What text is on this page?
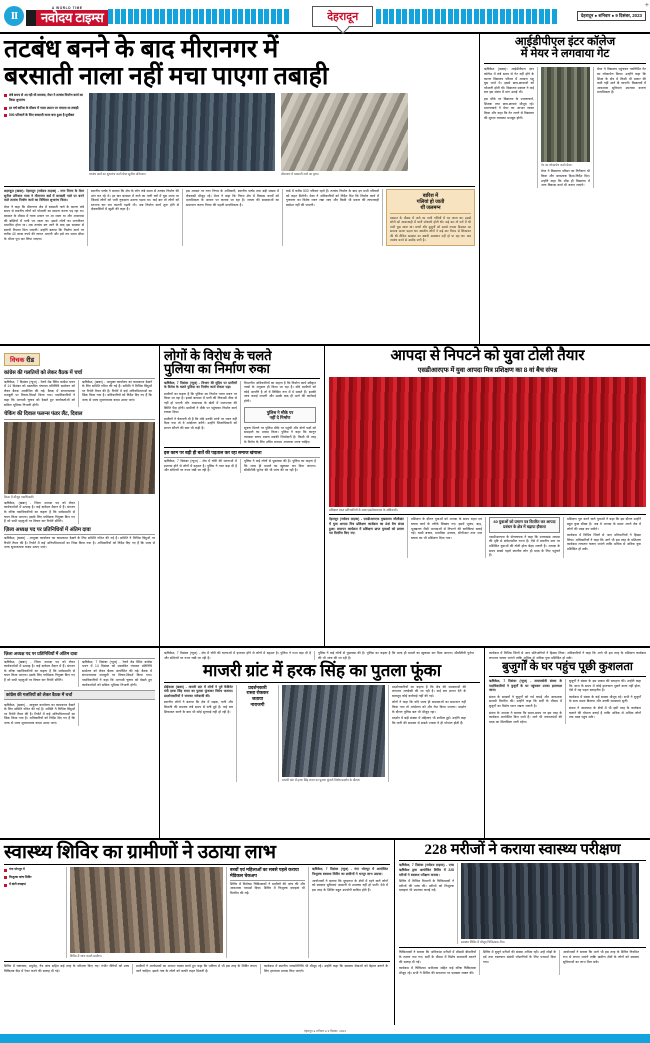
II
A WORLD TIME
नवोदय टाइम्स	देहरादून	देहरादून ● शनिवार ● 9 दिसंबर, 2023
+
तटबंध बनने के बाद मीरानगर में
बरसाती नाला नहीं मचा पाएगा तबाही
लंबे समय से आ रही थी समस्या, मेयर ने तटबंध निर्माण कार्य का किया शुभारंभ
हर वर्ष बारिश के मौसम में नाला उफान पर मचाता था तबाही
500 परिवारों के लिए बरसाती नाला बना हुआ है मुसीबत
तटबंध कार्य का शुभारंभ करते मेयर सुनील उनियाल।	मीरानगर में बरसाती नाले का दृश्य।
शहरकू्त (खबर): देहरादून (नवोदय टाइम्स) - नगर निगम के मेयर सुनील उनियाल गामा ने मीरानगर वार्ड में बरसाती नाले पर बनने वाले तटबंध निर्माण कार्य का विधिवत शुभारंभ किया।
मेयर ने कहा कि मीरानगर क्षेत्र में बरसाती नाले के कारण लंबे समय से स्थानीय लोगों को परेशानी का सामना करना पड़ रहा था। बरसात के मौसम में नाला उफान पर आ जाता था और आसपास की बस्तियों में पानी भर जाता था। इससे लोगों का जनजीवन प्रभावित होता था। अब तटबंध बन जाने के बाद इस समस्या से स्थायी निजात मिल जाएगी। उन्होंने बताया कि निर्माण कार्य पर करीब 40 लाख रुपये की लागत आएगी और इसे तय समय सीमा के भीतर पूरा कर लिया जाएगा।
स्थानीय पार्षद ने बताया कि क्षेत्र के लोग लंबे समय से तटबंध निर्माण की मांग कर रहे थे। हर बार बरसात में नाले का पानी घरों में घुस जाता था जिससे लोगों को भारी नुकसान उठाना पड़ता था। कई बार तो लोगों को रतजगा कर रात काटनी पड़ती थी। अब निर्माण कार्य शुरू होने से क्षेत्रवासियों में खुशी की लहर है।
इस अवसर पर नगर निगम के अधिकारी, स्थानीय पार्षद तथा बड़ी संख्या में क्षेत्रवासी मौजूद रहे। मेयर ने कहा कि निगम क्षेत्र में विकास कार्यों को प्राथमिकता के आधार पर कराया जा रहा है। जनता की समस्याओं का समाधान करना निगम की पहली प्राथमिकता है।
वार्ड में करीब 500 परिवार रहते हैं। तटबंध निर्माण के बाद इन सभी परिवारों को राहत मिलेगी। मेयर ने अधिकारियों को निर्देश दिए कि निर्माण कार्य में गुणवत्ता का विशेष ध्यान रखा जाए और किसी भी प्रकार की लापरवाही बर्दाश्त नहीं की जाएगी।
बारिश में
गलियां हो जाती
थीं जलमग्न
बरसात के मौसम में नाले का पानी गलियों में भर जाता था। इससे लोगों को आवाजाही में भारी परेशानी होती थी। कई बार तो घरों में भी पानी घुस जाता था। बच्चों और बुजुर्गों को सबसे ज्यादा दिक्कत का सामना करना पड़ता था। स्थानीय लोगों ने कई बार निगम से शिकायत की थी लेकिन समस्या का स्थायी समाधान नहीं हो पा रहा था। अब तटबंध बनने से उम्मीद जगी है।
आईडीपीएल इंटर कॉलेज
में मेयर ने लगवाया गेट
ऋषिकेश (खबर)। आईडीपीएल इंटर कॉलेज में लंबे समय से गेट नहीं होने के कारण विद्यालय परिसर में आवारा पशु घुस जाते थे। इससे छात्र-छात्राओं को परेशानी होती थी। विद्यालय प्रबंधन ने कई बार इस संबंध में मांग उठाई थी।
इस मौके पर विद्यालय के प्रधानाचार्य, शिक्षक तथा छात्र-छात्राएं मौजूद रहे। प्रधानाचार्य ने मेयर का आभार व्यक्त किया और कहा कि गेट लगने से विद्यालय की सुरक्षा व्यवस्था मजबूत होगी।
गेट का लोकार्पण करते मेयर।
मेयर ने विद्यालय परिसर का निरीक्षण भी किया और आवश्यक दिशा-निर्देश दिए। उन्होंने कहा कि शीघ्र ही विद्यालय में अन्य विकास कार्य भी कराए जाएंगे।
मेयर ने विद्यालय पहुंचकर नवनिर्मित गेट का लोकार्पण किया। उन्होंने कहा कि शिक्षा के क्षेत्र में किसी भी प्रकार की कमी नहीं आने दी जाएगी। विद्यालयों में आवश्यक सुविधाएं उपलब्ध कराना प्राथमिकता है।
विचक रीड
कांग्रेस की गलतियों को लेकर वैठक में चर्चा
ऋषिकेश, 7 दिसंबर (न्यूज) - रेलवे रोड स्थित कांग्रेस भवन में 14 दिसंबर को प्रस्तावित पंचायत प्रतिनिधि सम्मेलन को लेकर बैठक आयोजित की गई। बैठक में संगठनात्मक मजबूती पर विचार-विमर्श किया गया। पदाधिकारियों ने कहा कि आगामी चुनाव को देखते हुए कार्यकर्ताओं को सक्रिय भूमिका निभानी होगी।
ऋषिकेश, (खबर) - आयुक्त कार्यालय का कामकाज देखने के लिए समिति गठित की गई है। समिति ने विभिन्न बिंदुओं पर रिपोर्ट तैयार की है। रिपोर्ट में कई अनियमितताओं का जिक्र किया गया है। अधिकारियों को निर्देश दिए गए हैं कि जल्द से जल्द सुधारात्मक कदम उठाए जाएं।
चेकिंग की दिवाल फलन्स फंडर लैंट, दिवाल
बैठक में मौजूद पदाधिकारी।
ऋषिकेश, (खबर) - जिला अध्यक्ष पद को लेकर कार्यकर्ताओं में उत्साह है। कई दावेदार मैदान में हैं। संगठन के वरिष्ठ पदाधिकारियों का कहना है कि सर्वसम्मति से चयन किया जाएगा। इसके लिए पर्यवेक्षक नियुक्त किए गए हैं जो सभी पहलुओं पर विचार कर रिपोर्ट सौंपेंगे।
ज़िला अध्यक्ष पद पर प्रतिनिधियों में अंतिम दावा
ऋषिकेश, (खबर) - आयुक्त कार्यालय का कामकाज देखने के लिए समिति गठित की गई है। समिति ने विभिन्न बिंदुओं पर रिपोर्ट तैयार की है। रिपोर्ट में कई अनियमितताओं का जिक्र किया गया है। अधिकारियों को निर्देश दिए गए हैं कि जल्द से जल्द सुधारात्मक कदम उठाए जाएं।
लोगों के विरोध के चलते
पुलिया का निर्माण रुका
ऋषिकेश, 7 दिसंबर (न्यूज) - विभाग की मुहिम पर ग्रामीणों के विरोध के चलते पुलिया का निर्माण कार्य रोकना पड़ा।
ग्रामीणों का कहना है कि पुलिया का निर्माण गलत स्थान पर किया जा रहा है। इससे बरसात में पानी की निकासी ठीक से नहीं हो पाएगी और आसपास के खेतों में जलभराव की स्थिति पैदा होगी। ग्रामीणों ने मौके पर पहुंचकर निर्माण कार्य रुकवा दिया।
ग्रामीणों ने चेतावनी दी है कि यदि उनकी मांगों पर ध्यान नहीं दिया गया तो वे आंदोलन करेंगे। उन्होंने जिलाधिकारी को ज्ञापन सौंपने की बात भी कही है।
विभागीय अधिकारियों का कहना है कि निर्माण कार्य स्वीकृत नक्शे के अनुसार ही किया जा रहा है। यदि ग्रामीणों को कोई आपत्ति है तो वे लिखित रूप में दे सकते हैं। इसकी जांच कराई जाएगी और उसके बाद ही आगे की कार्रवाई होगी।
पुलिस ने मौके पर
नहीं दे निर्माण
सूचना मिलने पर पुलिस मौके पर पहुंची और दोनों पक्षों को समझाने का प्रयास किया। पुलिस ने कहा कि कानून व्यवस्था बनाए रखना सबकी जिम्मेदारी है। किसी भी तरह के विरोध के लिए उचित माध्यम अपनाया जाना चाहिए।
इस काम पर बड़ी ही बातें की पड़ताल कर रहा समाज खंगाला
ऋषिकेश, 7 दिसंबर (न्यूज) - क्षेत्र में चोरी की घटनाओं में इजाफा होने से लोगों में दहशत है। पुलिस ने गश्त बढ़ा दी है और संदिग्धों पर नजर रखी जा रही है।
पुलिस ने कई लोगों से पूछताछ की है। पुलिस का कहना है कि जल्द ही मामले का खुलासा कर दिया जाएगा। सीसीटीवी फुटेज की भी जांच की जा रही है।
आपदा से निपटने को युवा टोली तैयार
एसडीआरएफ में युवा आपदा मित्र प्रशिक्षण का 8 वां बैच संपन्न
प्रशिक्षण प्राप्त प्रतिभागियों के साथ एसडीआरएफ के अधिकारी।
देहरादून (नवोदय टाइम्स) - एसडीआरएफ मुख्यालय जौलीग्रांट में युवा आपदा मित्र प्रशिक्षण कार्यक्रम का 8वां बैच संपन्न हुआ। समापन कार्यक्रम में प्रशिक्षण प्राप्त युवाओं को प्रमाण पत्र वितरित किए गए।
प्रशिक्षण के दौरान युवाओं को आपदा के समय राहत एवं बचाव कार्य के तरीके सिखाए गए। इसमें भूकंप, बाढ़, भूस्खलन जैसी आपदाओं से निपटने की बारीकियां बताई गईं। रस्सी बचाव, प्राथमिक उपचार, सीपीआर तथा जल बचाव का भी प्रशिक्षण दिया गया।
60 युवाओं को प्रमाण पत्र वितरित कर आपदा प्रबंधन के क्षेत्र में बढ़ाया हौसला
एसडीआरएफ के सेनानायक ने कहा कि उत्तराखंड आपदा की दृष्टि से संवेदनशील राज्य है। ऐसे में स्थानीय स्तर पर प्रशिक्षित युवाओं की टोली होना बेहद जरूरी है। आपदा के समय सबसे पहले स्थानीय लोग ही मदद के लिए पहुंचते हैं।
प्रशिक्षण पूरा करने वाले युवाओं ने कहा कि इस दौरान उन्होंने बहुत कुछ सीखा है। अब वे आपदा के समय अपने क्षेत्र में लोगों की मदद कर सकेंगे।
कार्यक्रम में विभिन्न जिलों से आए प्रतिभागियों ने हिस्सा लिया। अधिकारियों ने कहा कि आगे भी इस तरह के प्रशिक्षण कार्यक्रम लगातार चलाए जाएंगे ताकि अधिक से अधिक युवा प्रशिक्षित हो सकें।
ज़िला अध्यक्ष पद पर प्रतिनिधियों में अंतिम दावा
ऋषिकेश, (खबर) - जिला अध्यक्ष पद को लेकर कार्यकर्ताओं में उत्साह है। कई दावेदार मैदान में हैं। संगठन के वरिष्ठ पदाधिकारियों का कहना है कि सर्वसम्मति से चयन किया जाएगा। इसके लिए पर्यवेक्षक नियुक्त किए गए हैं जो सभी पहलुओं पर विचार कर रिपोर्ट सौंपेंगे।
ऋषिकेश, 7 दिसंबर (न्यूज) - रेलवे रोड स्थित कांग्रेस भवन में 14 दिसंबर को प्रस्तावित पंचायत प्रतिनिधि सम्मेलन को लेकर बैठक आयोजित की गई। बैठक में संगठनात्मक मजबूती पर विचार-विमर्श किया गया। पदाधिकारियों ने कहा कि आगामी चुनाव को देखते हुए कार्यकर्ताओं को सक्रिय भूमिका निभानी होगी।
कांग्रेस की गलतियों को लेकर वैठक में चर्चा
ऋषिकेश, (खबर) - आयुक्त कार्यालय का कामकाज देखने के लिए समिति गठित की गई है। समिति ने विभिन्न बिंदुओं पर रिपोर्ट तैयार की है। रिपोर्ट में कई अनियमितताओं का जिक्र किया गया है। अधिकारियों को निर्देश दिए गए हैं कि जल्द से जल्द सुधारात्मक कदम उठाए जाएं।
ऋषिकेश, 7 दिसंबर (न्यूज) - क्षेत्र में चोरी की घटनाओं में इजाफा होने से लोगों में दहशत है। पुलिस ने गश्त बढ़ा दी है और संदिग्धों पर नजर रखी जा रही है।
पुलिस ने कई लोगों से पूछताछ की है। पुलिस का कहना है कि जल्द ही मामले का खुलासा कर दिया जाएगा। सीसीटीवी फुटेज की भी जांच की जा रही है।
माजरी ग्रांट में हरक सिंह का पुतला फूंका
डोईवाला (खबर) - माजरी ग्रांट में लोगों ने पूर्व कैबिनेट मंत्री हरक सिंह रावत का पुतला फूंककर विरोध जताया। प्रदर्शनकारियों ने जमकर नारेबाजी की।
स्थानीय लोगों ने बताया कि क्षेत्र में सड़क, पानी और बिजली की समस्या लंबे समय से बनी हुई है। कई बार शिकायत करने के बाद भी कोई सुनवाई नहीं हो रही है।
प्रदर्शनकारी
रास्ता रोककर
जताया
नाराजगी
माजरी ग्रांट में हरक सिंह रावत का पुतला फूंकते विरोध प्रदर्शन के दौरान।
प्रदर्शनकारियों का कहना है कि क्षेत्र की समस्याओं की लगातार अनदेखी की जा रही है। कई बार ज्ञापन देने के बावजूद कोई कार्रवाई नहीं की गई।
लोगों ने कहा कि यदि जल्द ही समस्याओं का समाधान नहीं किया गया तो आंदोलन को और तेज किया जाएगा। प्रदर्शन के दौरान पुलिस बल भी मौजूद रहा।
प्रदर्शन में बड़ी संख्या में महिलाएं भी शामिल हुईं। उन्होंने कहा कि पानी की समस्या से सबसे ज्यादा वे ही परेशान होती हैं।
कार्यक्रम में विभिन्न जिलों से आए प्रतिभागियों ने हिस्सा लिया। अधिकारियों ने कहा कि आगे भी इस तरह के प्रशिक्षण कार्यक्रम लगातार चलाए जाएंगे ताकि अधिक से अधिक युवा प्रशिक्षित हो सकें।
बुजुर्गों के घर पहुंच पूछी कुशलता
ऋषिकेश, 7 दिसंबर (न्यूज) - समाजसेवी संस्था के पदाधिकारियों ने बुजुर्गों के घर पहुंचकर उनका हालचाल जाना।
संस्था के सदस्यों ने बुजुर्गों को गर्म कपड़े और आवश्यक सामग्री वितरित की। उन्होंने कहा कि सर्दी के मौसम में बुजुर्गों का विशेष ध्यान रखना जरूरी है।
संस्था के अध्यक्ष ने बताया कि समय-समय पर इस तरह के कार्यक्रम आयोजित किए जाते हैं। आगे भी जरूरतमंदों की मदद का सिलसिला जारी रहेगा।
बुजुर्गों ने संस्था के इस प्रयास की सराहना की। उन्होंने कहा कि आज के समय में कोई हालचाल पूछने वाला नहीं होता, ऐसे में यह पहल सराहनीय है।
कार्यक्रम में संस्था के कई सदस्य मौजूद रहे। सभी ने बुजुर्गों के साथ समय बिताया और उनकी समस्याएं सुनीं।
संस्था ने आसपास के क्षेत्रों में भी इसी तरह के कार्यक्रम चलाने की योजना बनाई है ताकि अधिक से अधिक लोगों तक मदद पहुंच सके।
स्वास्थ्य शिविर का ग्रामीणों ने उठाया लाभ
गंगा भोगपुर में
निःशुल्क जांच शिविर
में बांटी दवाइयां
शिविर में जांच कराते ग्रामीण।
बच्चों एवं महिलाओं का सबसे पहले कराया मेडिकल चेकअप
शिविर में विशेषज्ञ चिकित्सकों ने ग्रामीणों की जांच की और आवश्यक परामर्श दिया। शिविर में निःशुल्क दवाइयां भी वितरित की गईं।
ऋषिकेश, 7 दिसंबर (न्यूज) - गंगा भोगपुर में आयोजित निःशुल्क स्वास्थ्य शिविर का ग्रामीणों ने भरपूर लाभ उठाया।
आयोजकों ने बताया कि दूरदराज के क्षेत्रों में रहने वाले लोगों को स्वास्थ्य सुविधाएं आसानी से उपलब्ध नहीं हो पातीं। ऐसे में इस तरह के शिविर बहुत उपयोगी साबित होते हैं।
शिविर में रक्तचाप, मधुमेह, नेत्र जांच सहित कई तरह के परीक्षण किए गए। गंभीर रोगियों को उच्च चिकित्सा केंद्र में रेफर करने की सलाह दी गई।
ग्रामीणों ने आयोजकों का आभार व्यक्त करते हुए कहा कि भविष्य में भी इस तरह के शिविर लगाए जाने चाहिए। इससे गांव के लोगों को काफी राहत मिलती है।
कार्यक्रम में स्थानीय जनप्रतिनिधि भी मौजूद रहे। उन्होंने कहा कि स्वास्थ्य सेवाओं को बेहतर बनाने के लिए हरसंभव प्रयास किए जाएंगे।
228 मरीजों ने कराया स्वास्थ्य परीक्षण
ऋषिकेश, 7 दिसंबर (नवोदय टाइम्स) - एम्स ऋषिकेश द्वारा आयोजित शिविर में 228 मरीजों ने स्वास्थ्य परीक्षण कराया।
शिविर में विभिन्न विभागों के चिकित्सकों ने मरीजों की जांच की। मरीजों को निःशुल्क दवाइयां भी उपलब्ध कराई गईं।
स्वास्थ्य शिविर में मौजूद चिकित्सक टीम।
चिकित्सकों ने बताया कि अधिकांश मरीजों में मौसमी बीमारियों के लक्षण पाए गए। सर्दी के मौसम में विशेष सावधानी बरतने की सलाह दी गई।
कार्यक्रम में चिकित्सा अधीक्षक सहित कई वरिष्ठ चिकित्सक मौजूद रहे। सभी ने शिविर की सफलता पर प्रसन्नता व्यक्त की।
शिविर में बुजुर्ग मरीजों की संख्या अधिक रही। उन्हें जोड़ों के दर्द तथा रक्तचाप संबंधी परेशानियों के लिए परामर्श दिया गया।
आयोजकों ने बताया कि आगे भी इस तरह के शिविर नियमित रूप से लगाए जाएंगे ताकि ग्रामीण क्षेत्रों के लोगों को स्वास्थ्य सुविधाओं का लाभ मिल सके।
देहरादून ● शनिवार ● 9 दिसंबर, 2023
